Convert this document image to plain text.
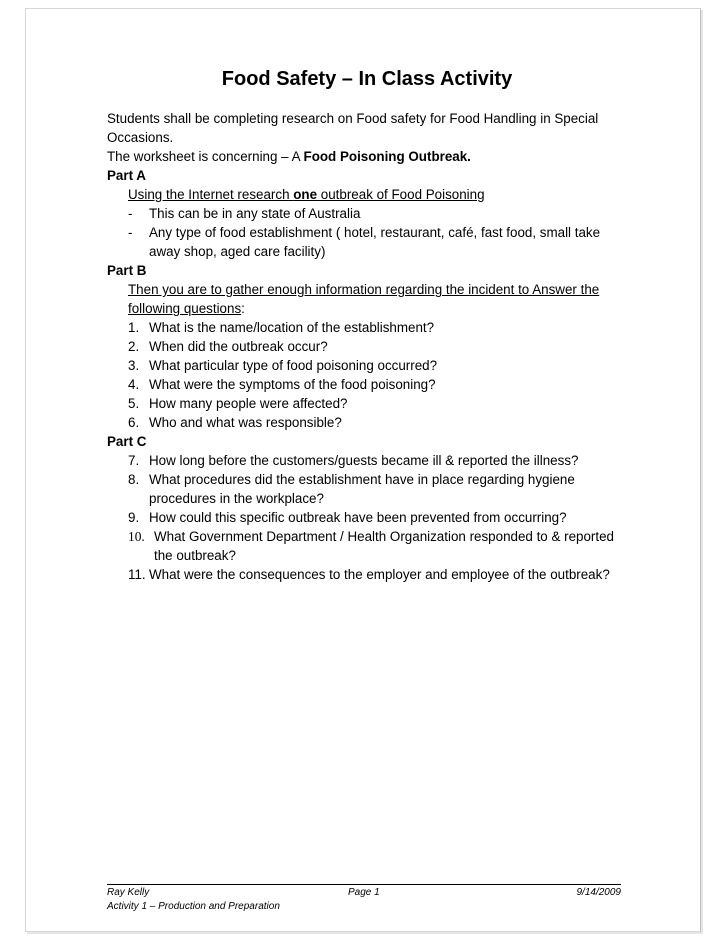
Food Safety – In Class Activity

Students shall be completing research on Food safety for Food Handling in Special Occasions.

The worksheet is concerning – A Food Poisoning Outbreak.

Part A

Using the Internet research one outbreak of Food Poisoning

- This can be in any state of Australia
- Any type of food establishment ( hotel, restaurant, café, fast food, small take away shop, aged care facility)

Part B

Then you are to gather enough information regarding the incident to Answer the following questions:

1. What is the name/location of the establishment?
2. When did the outbreak occur?
3. What particular type of food poisoning occurred?
4. What were the symptoms of the food poisoning?
5. How many people were affected?
6. Who and what was responsible?

Part C

7. How long before the customers/guests became ill & reported the illness?
8. What procedures did the establishment have in place regarding hygiene procedures in the workplace?
9. How could this specific outbreak have been prevented from occurring?
10. What Government Department / Health Organization responded to & reported the outbreak?
11. What were the consequences to the employer and employee of the outbreak?
Ray Kelly	Page 1	9/14/2009
Activity 1 – Production and Preparation
